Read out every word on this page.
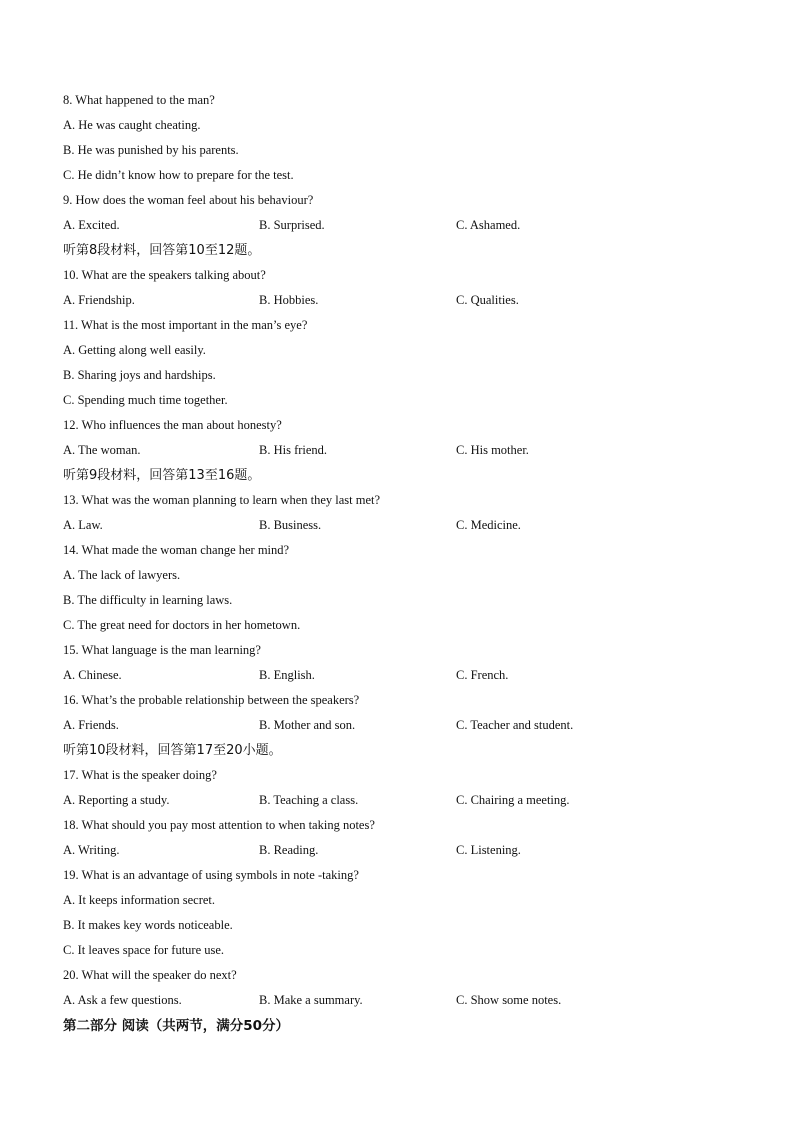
8. What happened to the man?
A. He was caught cheating.
B. He was punished by his parents.
C. He didn’t know how to prepare for the test.
9. How does the woman feel about his behaviour?
A. Excited.	B. Surprised.	C. Ashamed.
听第8段材料，回答第10至12题。
10. What are the speakers talking about?
A. Friendship.	B. Hobbies.	C. Qualities.
11. What is the most important in the man’s eye?
A. Getting along well easily.
B. Sharing joys and hardships.
C. Spending much time together.
12. Who influences the man about honesty?
A. The woman.	B. His friend.	C. His mother.
听第9段材料，回答第13至16题。
13. What was the woman planning to learn when they last met?
A. Law.	B. Business.	C. Medicine.
14. What made the woman change her mind?
A. The lack of lawyers.
B. The difficulty in learning laws.
C. The great need for doctors in her hometown.
15. What language is the man learning?
A. Chinese.	B. English.	C. French.
16. What’s the probable relationship between the speakers?
A. Friends.	B. Mother and son.	C. Teacher and student.
听第10段材料，回答第17至20小题。
17. What is the speaker doing?
A. Reporting a study.	B. Teaching a class.	C. Chairing a meeting.
18. What should you pay most attention to when taking notes?
A. Writing.	B. Reading.	C. Listening.
19. What is an advantage of using symbols in note -taking?
A. It keeps information secret.
B. It makes key words noticeable.
C. It leaves space for future use.
20. What will the speaker do next?
A. Ask a few questions.	B. Make a summary.	C. Show some notes.
第二部分 阅读（共两节，满分50分）
